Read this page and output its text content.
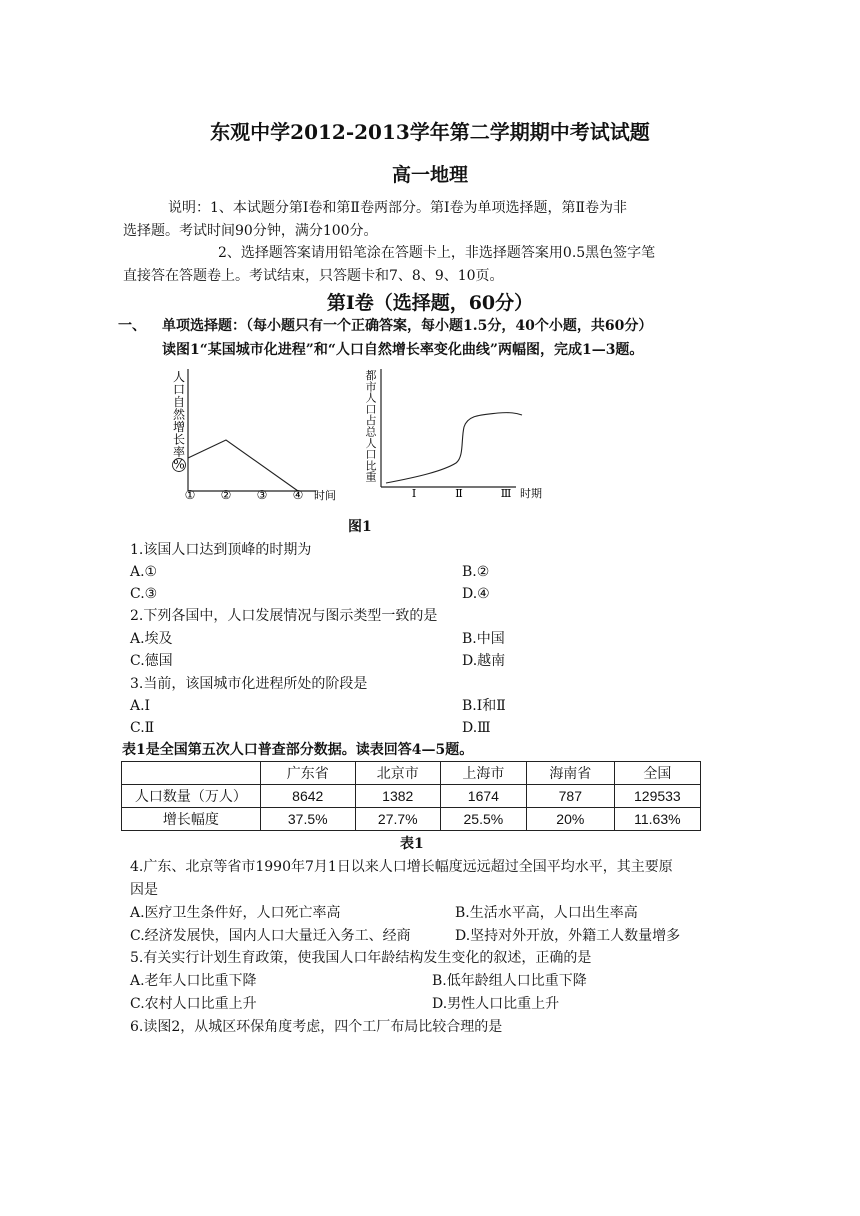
东观中学2012-2013学年第二学期期中考试试题
高一地理
说明：1、本试题分第Ⅰ卷和第Ⅱ卷两部分。第Ⅰ卷为单项选择题，第Ⅱ卷为非
选择题。考试时间90分钟，满分100分。
2、选择题答案请用铅笔涂在答题卡上，非选择题答案用0.5黑色签字笔
直接答在答题卷上。考试结束，只答题卡和7、8、9、10页。
第Ⅰ卷（选择题，60分）
一、 单项选择题：（每小题只有一个正确答案，每小题1.5分，40个小题，共60分）
读图1“某国城市化进程”和“人口自然增长率变化曲线”两幅图，完成1—3题。
人
口
自
然
增
长
率
%
① ② ③ ④ 时间
都
市
人
口
占
总
人
口
比
重
Ⅰ	Ⅱ	Ⅲ 时期
图1
1.该国人口达到顶峰的时期为
A.①	B.②
C.③	D.④
2.下列各国中，人口发展情况与图示类型一致的是
A.埃及	B.中国
C.德国	D.越南
3.当前，该国城市化进程所处的阶段是
A.Ⅰ	B.Ⅰ和Ⅱ
C.Ⅱ	D.Ⅲ
表1是全国第五次人口普查部分数据。读表回答4—5题。
	广东省	北京市	上海市	海南省	全国
人口数量（万人）	8642	1382	1674	787	129533
增长幅度	37.5%	27.7%	25.5%	20%	11.63%
表1
4.广东、北京等省市1990年7月1日以来人口增长幅度远远超过全国平均水平，其主要原
因是
A.医疗卫生条件好，人口死亡率高	B.生活水平高，人口出生率高
C.经济发展快，国内人口大量迁入务工、经商	D.坚持对外开放，外籍工人数量增多
5.有关实行计划生育政策，使我国人口年龄结构发生变化的叙述，正确的是
A.老年人口比重下降	B.低年龄组人口比重下降
C.农村人口比重上升	D.男性人口比重上升
6.读图2，从城区环保角度考虑，四个工厂布局比较合理的是
